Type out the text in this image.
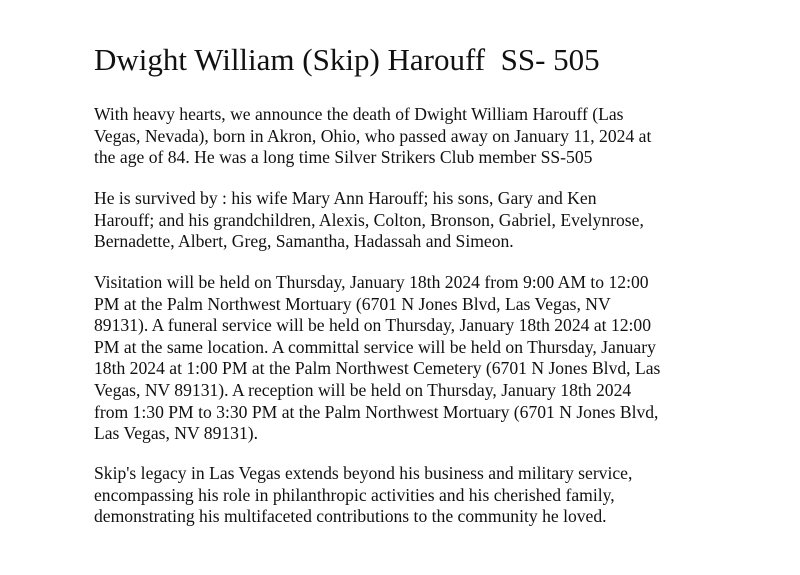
Dwight William (Skip) Harouff  SS- 505

With heavy hearts, we announce the death of Dwight William Harouff (Las
Vegas, Nevada), born in Akron, Ohio, who passed away on January 11, 2024 at
the age of 84. He was a long time Silver Strikers Club member SS-505

He is survived by : his wife Mary Ann Harouff; his sons, Gary and Ken
Harouff; and his grandchildren, Alexis, Colton, Bronson, Gabriel, Evelynrose,
Bernadette, Albert, Greg, Samantha, Hadassah and Simeon.

Visitation will be held on Thursday, January 18th 2024 from 9:00 AM to 12:00
PM at the Palm Northwest Mortuary (6701 N Jones Blvd, Las Vegas, NV
89131). A funeral service will be held on Thursday, January 18th 2024 at 12:00
PM at the same location. A committal service will be held on Thursday, January
18th 2024 at 1:00 PM at the Palm Northwest Cemetery (6701 N Jones Blvd, Las
Vegas, NV 89131). A reception will be held on Thursday, January 18th 2024
from 1:30 PM to 3:30 PM at the Palm Northwest Mortuary (6701 N Jones Blvd,
Las Vegas, NV 89131).

Skip's legacy in Las Vegas extends beyond his business and military service,
encompassing his role in philanthropic activities and his cherished family,
demonstrating his multifaceted contributions to the community he loved.
